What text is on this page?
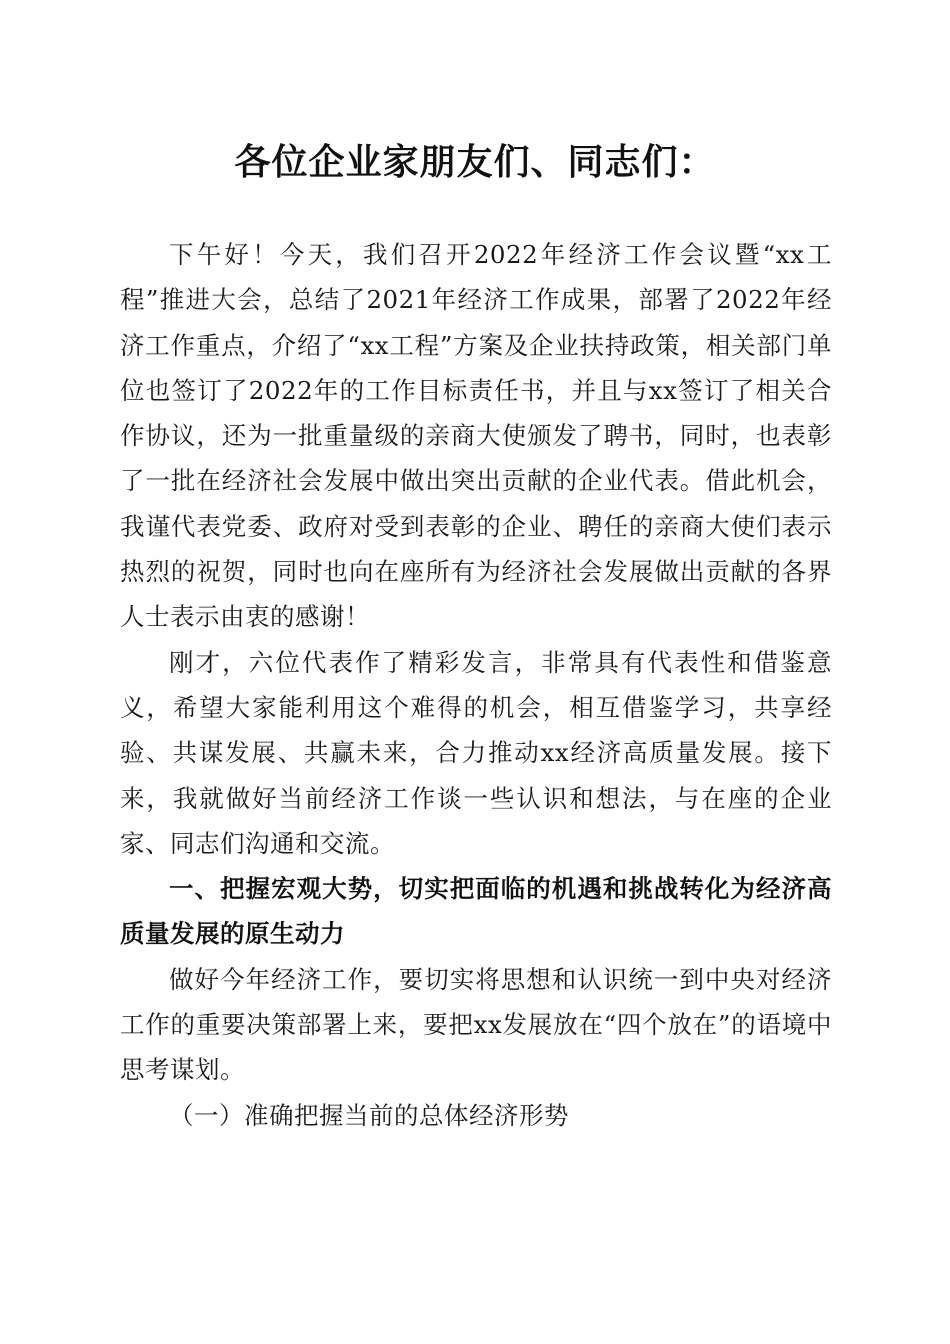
各位企业家朋友们、同志们：

下午好！今天，我们召开2022年经济工作会议暨“xx工程”推进大会，总结了2021年经济工作成果，部署了2022年经济工作重点，介绍了“xx工程”方案及企业扶持政策，相关部门单位也签订了2022年的工作目标责任书，并且与xx签订了相关合作协议，还为一批重量级的亲商大使颁发了聘书，同时，也表彰了一批在经济社会发展中做出突出贡献的企业代表。借此机会，我谨代表党委、政府对受到表彰的企业、聘任的亲商大使们表示热烈的祝贺，同时也向在座所有为经济社会发展做出贡献的各界人士表示由衷的感谢！

刚才，六位代表作了精彩发言，非常具有代表性和借鉴意义，希望大家能利用这个难得的机会，相互借鉴学习，共享经验、共谋发展、共赢未来，合力推动xx经济高质量发展。接下来，我就做好当前经济工作谈一些认识和想法，与在座的企业家、同志们沟通和交流。

一、把握宏观大势，切实把面临的机遇和挑战转化为经济高质量发展的原生动力

做好今年经济工作，要切实将思想和认识统一到中央对经济工作的重要决策部署上来，要把xx发展放在“四个放在”的语境中思考谋划。

（一）准确把握当前的总体经济形势
